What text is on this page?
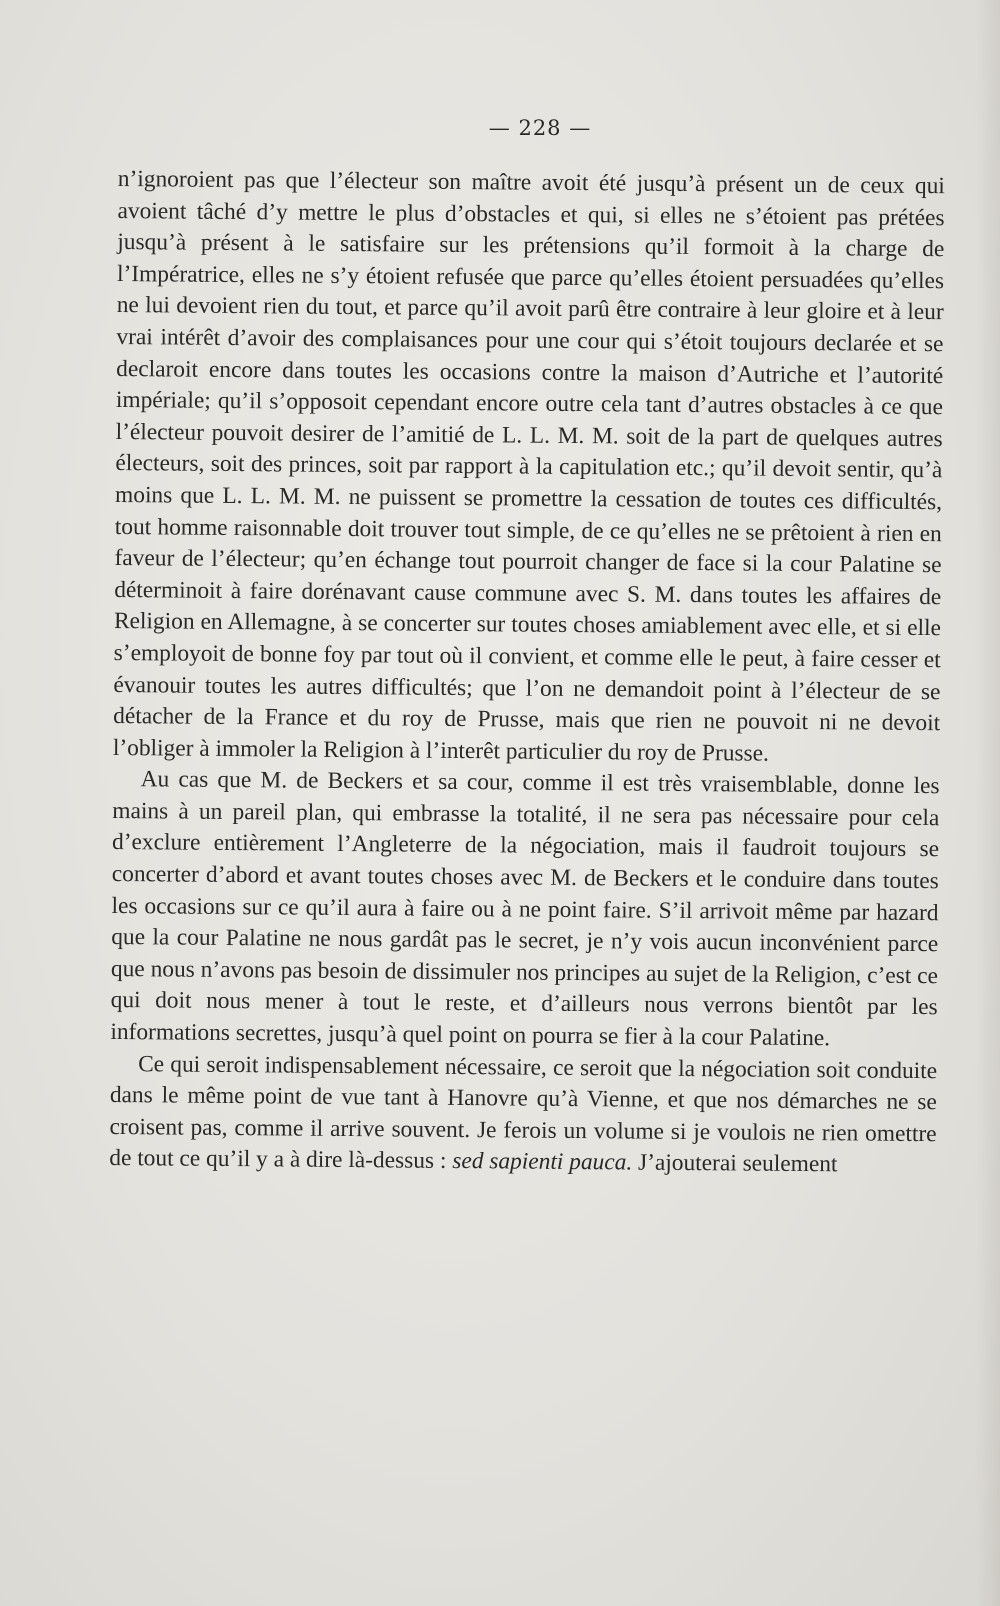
— 228 —

n’ignoroient pas que l’électeur son maître avoit été jusqu’à présent un de ceux qui avoient tâché d’y mettre le plus d’obstacles et qui, si elles ne s’étoient pas prétées jusqu’à présent à le satisfaire sur les prétensions qu’il formoit à la charge de l’Impératrice, elles ne s’y étoient refusée que parce qu’elles étoient persuadées qu’elles ne lui devoient rien du tout, et parce qu’il avoit parû être contraire à leur gloire et à leur vrai intérêt d’avoir des complaisances pour une cour qui s’étoit toujours declarée et se declaroit encore dans toutes les occasions contre la maison d’Autriche et l’autorité impériale; qu’il s’opposoit cependant encore outre cela tant d’autres obstacles à ce que l’électeur pouvoit desirer de l’amitié de L. L. M. M. soit de la part de quelques autres électeurs, soit des princes, soit par rapport à la capitulation etc.; qu’il devoit sentir, qu’à moins que L. L. M. M. ne puissent se promettre la cessation de toutes ces difficultés, tout homme raisonnable doit trouver tout simple, de ce qu’elles ne se prêtoient à rien en faveur de l’électeur; qu’en échange tout pourroit changer de face si la cour Palatine se déterminoit à faire dorénavant cause commune avec S. M. dans toutes les affaires de Religion en Allemagne, à se concerter sur toutes choses amiablement avec elle, et si elle s’employoit de bonne foy par tout où il convient, et comme elle le peut, à faire cesser et évanouir toutes les autres difficultés; que l’on ne demandoit point à l’électeur de se détacher de la France et du roy de Prusse, mais que rien ne pouvoit ni ne devoit l’obliger à immoler la Religion à l’interêt particulier du roy de Prusse.

Au cas que M. de Beckers et sa cour, comme il est très vraisemblable, donne les mains à un pareil plan, qui embrasse la totalité, il ne sera pas nécessaire pour cela d’exclure entièrement l’Angleterre de la négociation, mais il faudroit toujours se concerter d’abord et avant toutes choses avec M. de Beckers et le conduire dans toutes les occasions sur ce qu’il aura à faire ou à ne point faire. S’il arrivoit même par hazard que la cour Palatine ne nous gardât pas le secret, je n’y vois aucun inconvénient parce que nous n’avons pas besoin de dissimuler nos principes au sujet de la Religion, c’est ce qui doit nous mener à tout le reste, et d’ailleurs nous verrons bientôt par les informations secrettes, jusqu’à quel point on pourra se fier à la cour Palatine.

Ce qui seroit indispensablement nécessaire, ce seroit que la négociation soit conduite dans le même point de vue tant à Hanovre qu’à Vienne, et que nos démarches ne se croisent pas, comme il arrive souvent. Je ferois un volume si je voulois ne rien omettre de tout ce qu’il y a à dire là-dessus : sed sapienti pauca. J’ajouterai seulement
